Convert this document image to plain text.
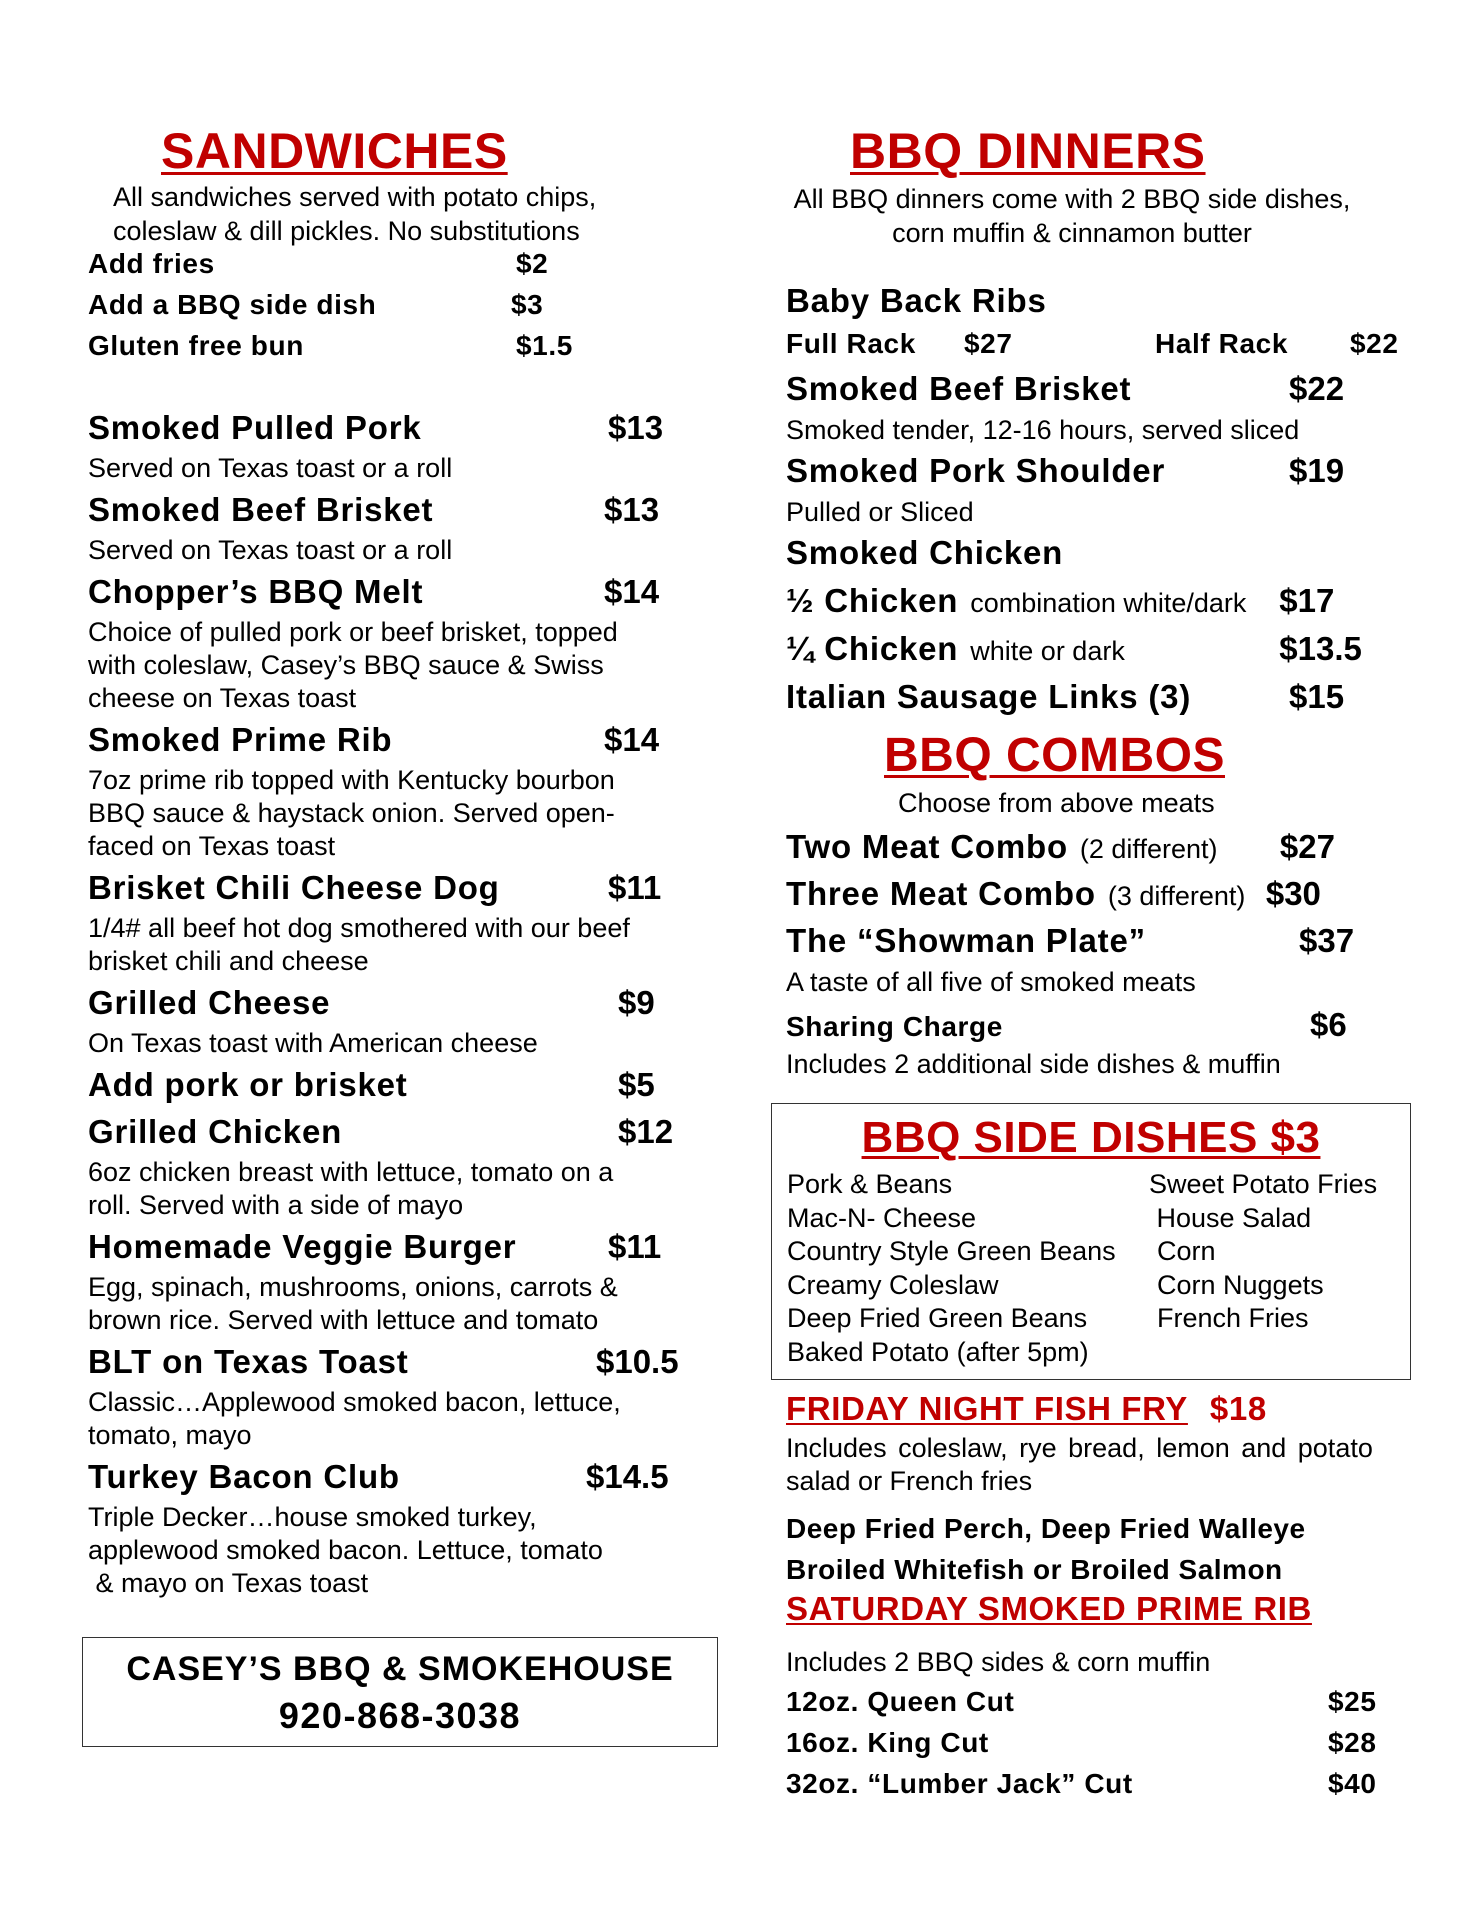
SANDWICHES
All sandwiches served with potato chips,
coleslaw & dill pickles. No substitutions
Add fries	$2
Add a BBQ side dish	$3
Gluten free bun	$1.5
Smoked Pulled Pork	$13
Served on Texas toast or a roll
Smoked Beef Brisket	$13
Served on Texas toast or a roll
Chopper’s BBQ Melt	$14
Choice of pulled pork or beef brisket, topped
with coleslaw, Casey’s BBQ sauce & Swiss
cheese on Texas toast
Smoked Prime Rib	$14
7oz prime rib topped with Kentucky bourbon
BBQ sauce & haystack onion. Served open-
faced on Texas toast
Brisket Chili Cheese Dog	$11
1/4# all beef hot dog smothered with our beef
brisket chili and cheese
Grilled Cheese	$9
On Texas toast with American cheese
Add pork or brisket	$5
Grilled Chicken	$12
6oz chicken breast with lettuce, tomato on a
roll. Served with a side of mayo
Homemade Veggie Burger	$11
Egg, spinach, mushrooms, onions, carrots &
brown rice. Served with lettuce and tomato
BLT on Texas Toast	$10.5
Classic…Applewood smoked bacon, lettuce,
tomato, mayo
Turkey Bacon Club	$14.5
Triple Decker…house smoked turkey,
applewood smoked bacon. Lettuce, tomato
& mayo on Texas toast
CASEY’S BBQ & SMOKEHOUSE
920-868-3038
BBQ DINNERS
All BBQ dinners come with 2 BBQ side dishes,
corn muffin & cinnamon butter
Baby Back Ribs
Full Rack	$27	Half Rack	$22
Smoked Beef Brisket	$22
Smoked tender, 12-16 hours, served sliced
Smoked Pork Shoulder	$19
Pulled or Sliced
Smoked Chicken
½ Chicken combination white/dark $17
¼ Chicken white or dark	$13.5
Italian Sausage Links (3)	$15
BBQ COMBOS
Choose from above meats
Two Meat Combo (2 different)	$27
Three Meat Combo (3 different) $30
The “Showman Plate”	$37
A taste of all five of smoked meats
Sharing Charge	$6
Includes 2 additional side dishes & muffin
BBQ SIDE DISHES $3
Pork & Beans
Mac-N- Cheese
Country Style Green Beans
Creamy Coleslaw
Deep Fried Green Beans
Baked Potato (after 5pm)
Sweet Potato Fries
House Salad
Corn
Corn Nuggets
French Fries
FRIDAY NIGHT FISH FRY $18
Includes coleslaw, rye bread, lemon and potato
salad or French fries
Deep Fried Perch, Deep Fried Walleye
Broiled Whitefish or Broiled Salmon
SATURDAY SMOKED PRIME RIB
Includes 2 BBQ sides & corn muffin
12oz. Queen Cut	$25
16oz. King Cut	$28
32oz. “Lumber Jack” Cut	$40
